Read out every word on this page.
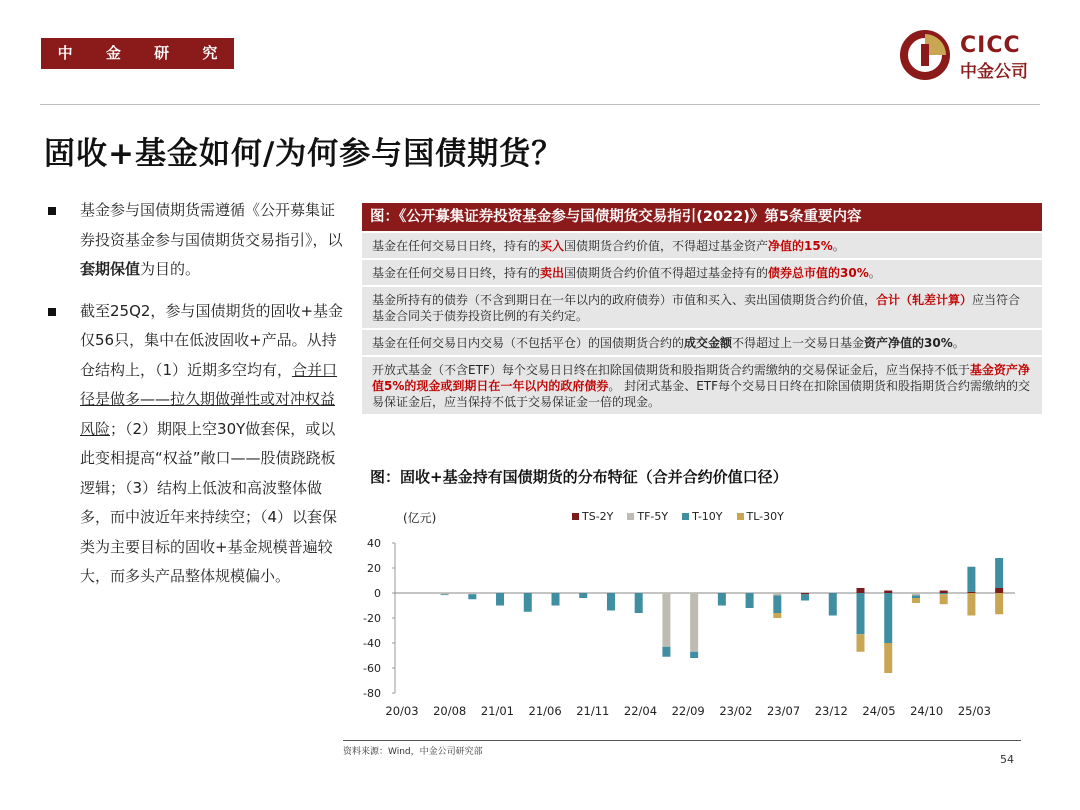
中 金 研 究 部
CICC
中金公司
固收+基金如何/为何参与国债期货？
基金参与国债期货需遵循《公开募集证券投资基金参与国债期货交易指引》，以套期保值为目的。
截至25Q2，参与国债期货的固收+基金仅56只，集中在低波固收+产品。从持仓结构上，（1）近期多空均有，合并口径是做多——拉久期做弹性或对冲权益风险；（2）期限上空30Y做套保，或以此变相提高“权益”敞口——股债跷跷板逻辑；（3）结构上低波和高波整体做多，而中波近年来持续空；（4）以套保类为主要目标的固收+基金规模普遍较大，而多头产品整体规模偏小。
图：《公开募集证券投资基金参与国债期货交易指引(2022)》第5条重要内容
基金在任何交易日日终，持有的买入国债期货合约价值，不得超过基金资产净值的15%。
基金在任何交易日日终，持有的卖出国债期货合约价值不得超过基金持有的债券总市值的30%。
基金所持有的债券（不含到期日在一年以内的政府债券）市值和买入、卖出国债期货合约价值，合计（轧差计算）应当符合基金合同关于债券投资比例的有关约定。
基金在任何交易日内交易（不包括平仓）的国债期货合约的成交金额不得超过上一交易日基金资产净值的30%。
开放式基金（不含ETF）每个交易日日终在扣除国债期货和股指期货合约需缴纳的交易保证金后，应当保持不低于基金资产净值5%的现金或到期日在一年以内的政府债券。 封闭式基金、ETF每个交易日日终在扣除国债期货和股指期货合约需缴纳的交易保证金后，应当保持不低于交易保证金一倍的现金。
图：固收+基金持有国债期货的分布特征（合并合约价值口径）
(亿元)	TS-2Y TF-5Y T-10Y TL-30Y
40
20
0
-20
-40
-60
-80
20/03 20/08 21/01 21/06 21/11 22/04 22/09 23/02 23/07 23/12 24/05 24/10 25/03
资料来源：Wind，中金公司研究部
54
